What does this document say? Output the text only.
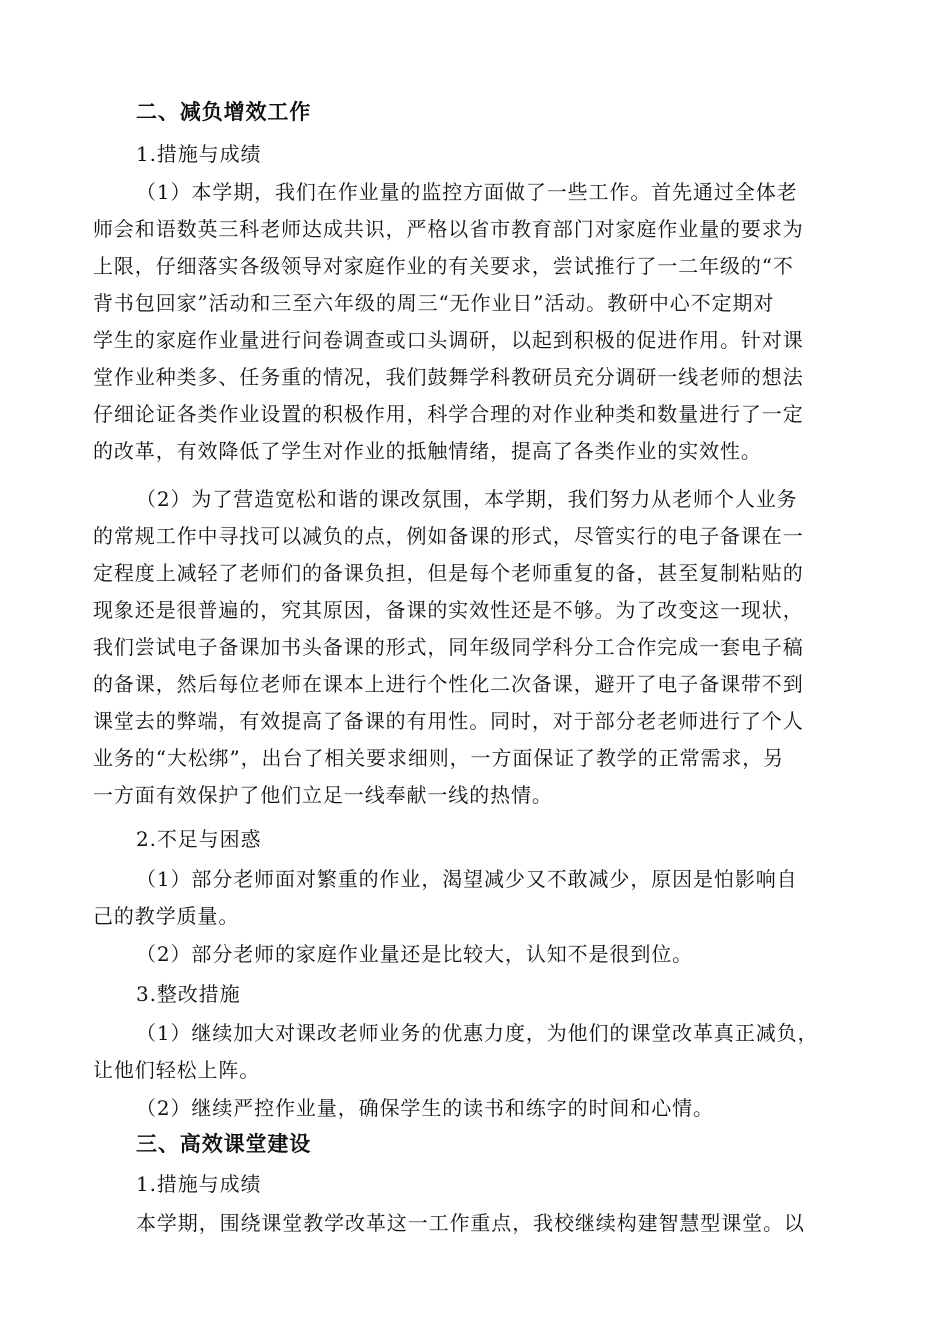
二、减负增效工作
1.措施与成绩
（1）本学期，我们在作业量的监控方面做了一些工作。首先通过全体老
师会和语数英三科老师达成共识，严格以省市教育部门对家庭作业量的要求为
上限，仔细落实各级领导对家庭作业的有关要求，尝试推行了一二年级的“不
背书包回家”活动和三至六年级的周三“无作业日”活动。教研中心不定期对
学生的家庭作业量进行问卷调查或口头调研，以起到积极的促进作用。针对课
堂作业种类多、任务重的情况，我们鼓舞学科教研员充分调研一线老师的想法
仔细论证各类作业设置的积极作用，科学合理的对作业种类和数量进行了一定
的改革，有效降低了学生对作业的抵触情绪，提高了各类作业的实效性。
（2）为了营造宽松和谐的课改氛围，本学期，我们努力从老师个人业务
的常规工作中寻找可以减负的点，例如备课的形式，尽管实行的电子备课在一
定程度上减轻了老师们的备课负担，但是每个老师重复的备，甚至复制粘贴的
现象还是很普遍的，究其原因，备课的实效性还是不够。为了改变这一现状，
我们尝试电子备课加书头备课的形式，同年级同学科分工合作完成一套电子稿
的备课，然后每位老师在课本上进行个性化二次备课，避开了电子备课带不到
课堂去的弊端，有效提高了备课的有用性。同时，对于部分老老师进行了个人
业务的“大松绑”，出台了相关要求细则，一方面保证了教学的正常需求，另
一方面有效保护了他们立足一线奉献一线的热情。
2.不足与困惑
（1）部分老师面对繁重的作业，渴望减少又不敢减少，原因是怕影响自
己的教学质量。
（2）部分老师的家庭作业量还是比较大，认知不是很到位。
3.整改措施
（1）继续加大对课改老师业务的优惠力度，为他们的课堂改革真正减负，
让他们轻松上阵。
（2）继续严控作业量，确保学生的读书和练字的时间和心情。
三、高效课堂建设
1.措施与成绩
本学期，围绕课堂教学改革这一工作重点，我校继续构建智慧型课堂。以
